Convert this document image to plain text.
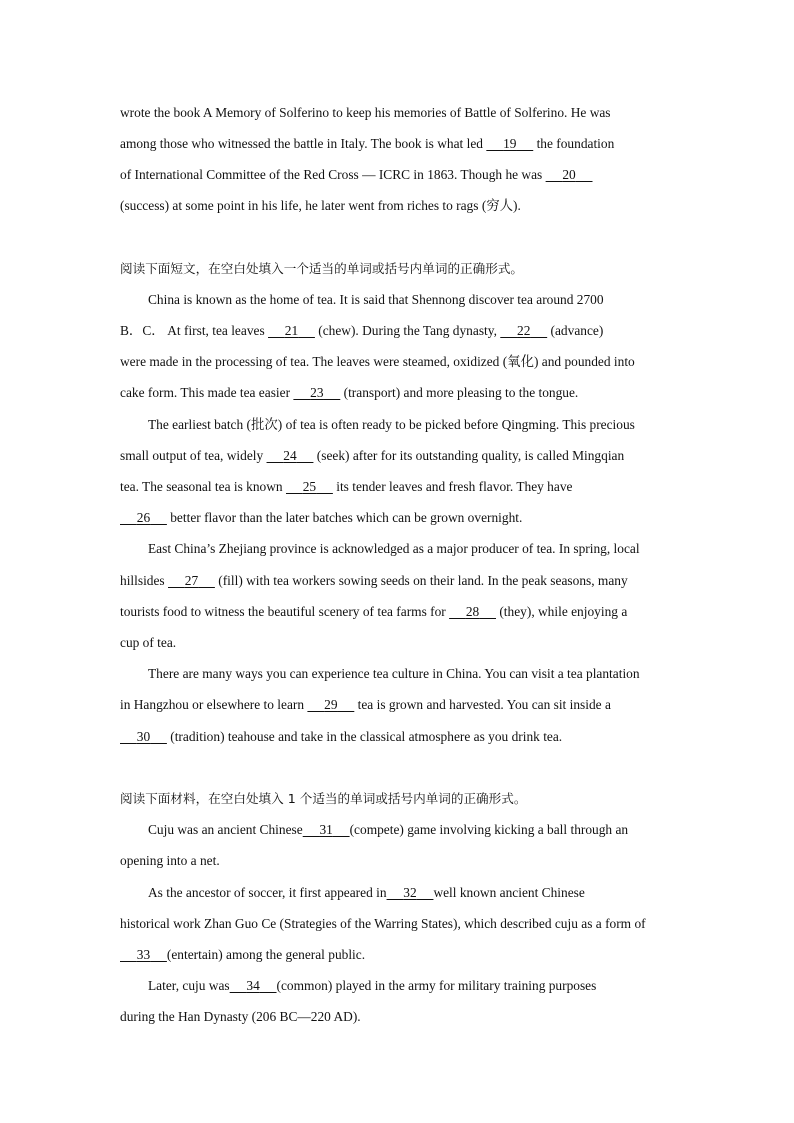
wrote the book A Memory of Solferino to keep his memories of Battle of Solferino. He was
among those who witnessed the battle in Italy. The book is what led 19 the foundation
of International Committee of the Red Cross — ICRC in 1863. Though he was 20
(success) at some point in his life, he later went from riches to rags (穷人).
阅读下面短文，在空白处填入一个适当的单词或括号内单词的正确形式。
China is known as the home of tea. It is said that Shennong discover tea around 2700
B．C． At first, tea leaves 21 (chew). During the Tang dynasty, 22 (advance)
were made in the processing of tea. The leaves were steamed, oxidized (氧化) and pounded into
cake form. This made tea easier 23 (transport) and more pleasing to the tongue.
The earliest batch (批次) of tea is often ready to be picked before Qingming. This precious
small output of tea, widely 24 (seek) after for its outstanding quality, is called Mingqian
tea. The seasonal tea is known 25 its tender leaves and fresh flavor. They have
26 better flavor than the later batches which can be grown overnight.
East China’s Zhejiang province is acknowledged as a major producer of tea. In spring, local
hillsides 27 (fill) with tea workers sowing seeds on their land. In the peak seasons, many
tourists food to witness the beautiful scenery of tea farms for 28 (they), while enjoying a
cup of tea.
There are many ways you can experience tea culture in China. You can visit a tea plantation
in Hangzhou or elsewhere to learn 29 tea is grown and harvested. You can sit inside a
30 (tradition) teahouse and take in the classical atmosphere as you drink tea.
阅读下面材料，在空白处填入 1 个适当的单词或括号内单词的正确形式。
Cuju was an ancient Chinese 31 (compete) game involving kicking a ball through an
opening into a net.
As the ancestor of soccer, it first appeared in 32 well known ancient Chinese
historical work Zhan Guo Ce (Strategies of the Warring States), which described cuju as a form of
33 (entertain) among the general public.
Later, cuju was 34 (common) played in the army for military training purposes
during the Han Dynasty (206 BC—220 AD).
